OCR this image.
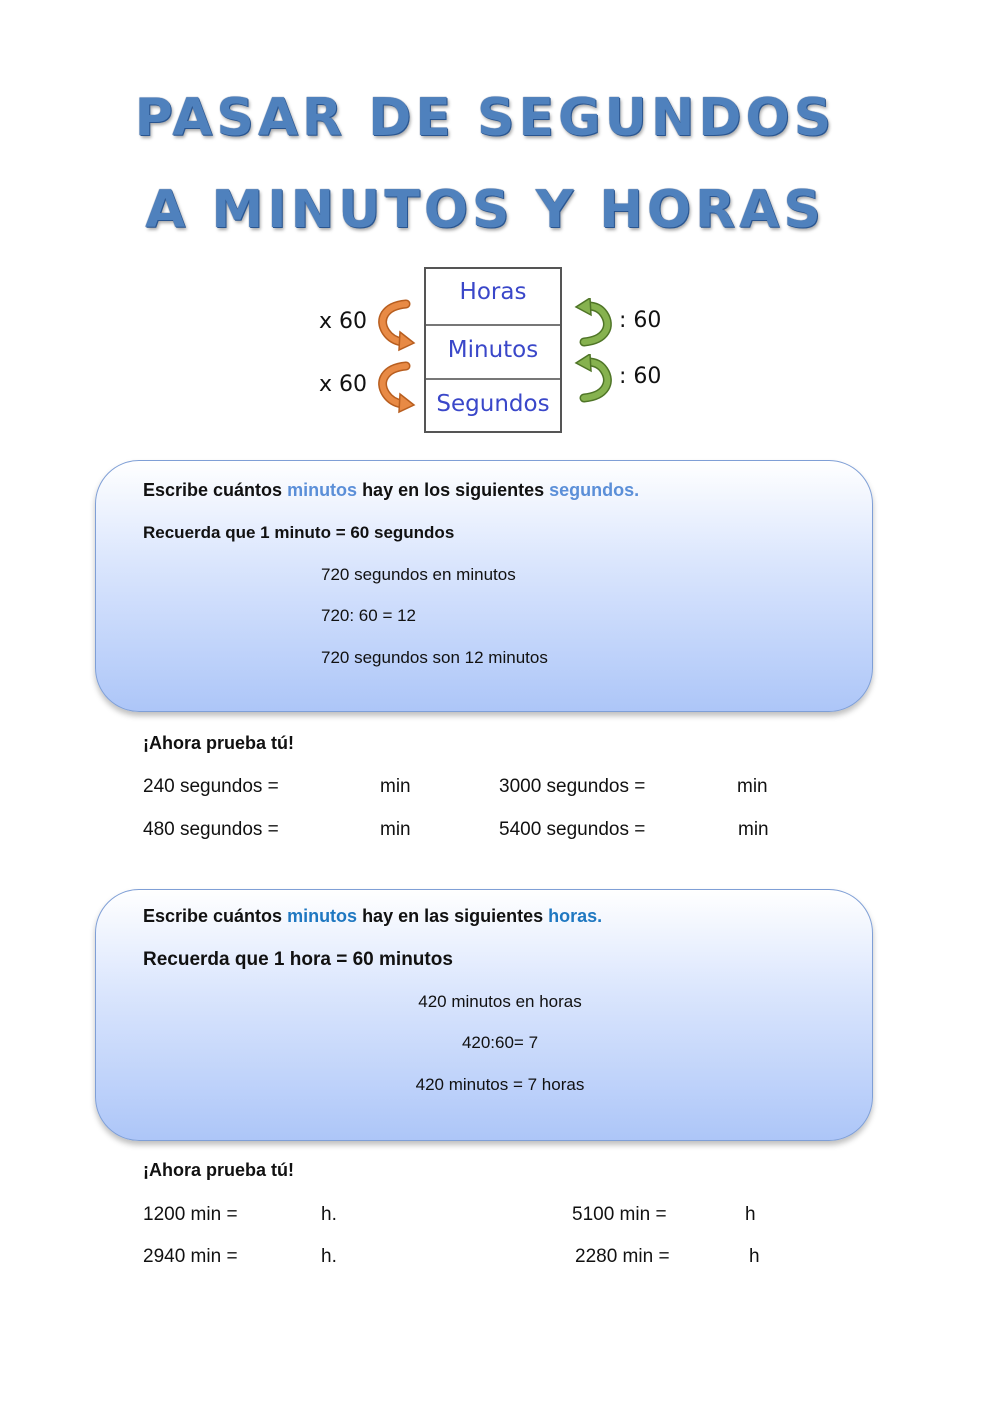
PASAR DE SEGUNDOS
A MINUTOS Y HORAS
Horas
Minutos
Segundos
x 60
x 60
: 60
: 60
Escribe cuántos minutos hay en los siguientes segundos.
Recuerda que 1 minuto = 60 segundos
720 segundos en minutos
720: 60 = 12
720 segundos son 12 minutos
¡Ahora prueba tú!
240 segundos =	min	3000 segundos =	min
480 segundos =	min	5400 segundos =	min
Escribe cuántos minutos hay en las siguientes horas.
Recuerda que 1 hora = 60 minutos
420 minutos en horas
420:60= 7
420 minutos = 7 horas
¡Ahora prueba tú!
1200 min =	h.	5100 min =	h
2940 min =	h.	2280 min =	h
